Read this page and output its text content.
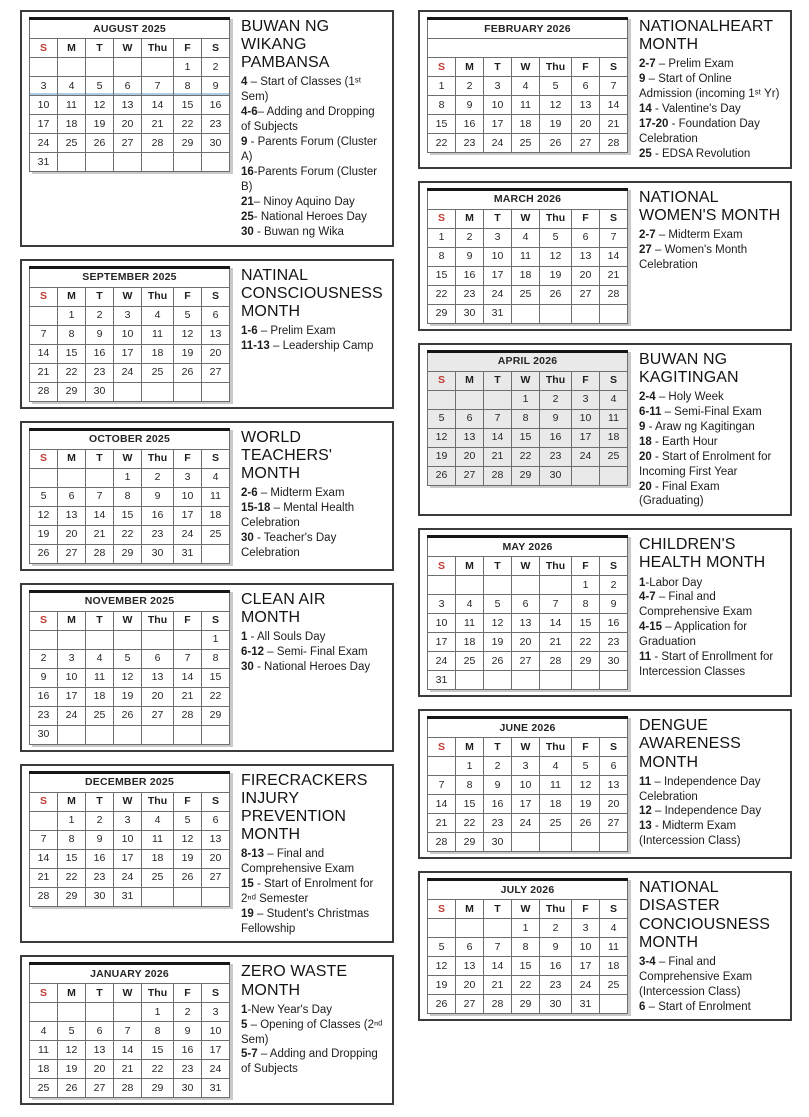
AUGUST 2025						
S	M	T	W	Thu	F	S
					1	2
3	4	5	6	7	8	9
10	11	12	13	14	15	16
17	18	19	20	21	22	23
24	25	26	27	28	29	30
31						
BUWAN NG WIKANG PAMBANSA
4 – Start of Classes (1ˢᵗ Sem)
4-6– Adding and Dropping of Subjects
9 - Parents Forum (Cluster A)
16-Parents Forum (Cluster B)
21– Ninoy Aquino Day
25- National Heroes Day
30 - Buwan ng Wika
SEPTEMBER 2025						
S	M	T	W	Thu	F	S
	1	2	3	4	5	6
7	8	9	10	11	12	13
14	15	16	17	18	19	20
21	22	23	24	25	26	27
28	29	30				
NATINAL CONSCIOUSNESS MONTH
1-6 – Prelim Exam
11-13 – Leadership Camp
OCTOBER 2025						
S	M	T	W	Thu	F	S
			1	2	3	4
5	6	7	8	9	10	11
12	13	14	15	16	17	18
19	20	21	22	23	24	25
26	27	28	29	30	31	
WORLD TEACHERS' MONTH
2-6 – Midterm Exam
15-18 – Mental Health Celebration
30 - Teacher's Day Celebration
NOVEMBER 2025						
S	M	T	W	Thu	F	S
						1
2	3	4	5	6	7	8
9	10	11	12	13	14	15
16	17	18	19	20	21	22
23	24	25	26	27	28	29
30						
CLEAN AIR MONTH
1 - All Souls Day
6-12 – Semi- Final Exam
30 - National Heroes Day
DECEMBER 2025						
S	M	T	W	Thu	F	S
	1	2	3	4	5	6
7	8	9	10	11	12	13
14	15	16	17	18	19	20
21	22	23	24	25	26	27
28	29	30	31			
FIRECRACKERS INJURY PREVENTION MONTH
8-13 – Final and Comprehensive Exam
15 - Start of Enrolment for 2ⁿᵈ Semester
19 – Student's Christmas Fellowship
JANUARY 2026						
S	M	T	W	Thu	F	S
				1	2	3
4	5	6	7	8	9	10
11	12	13	14	15	16	17
18	19	20	21	22	23	24
25	26	27	28	29	30	31
ZERO WASTE MONTH
1-New Year's Day
5 – Opening of Classes (2ⁿᵈ Sem)
5-7 – Adding and Dropping of Subjects
FEBRUARY 2026						

S	M	T	W	Thu	F	S
1	2	3	4	5	6	7
8	9	10	11	12	13	14
15	16	17	18	19	20	21
22	23	24	25	26	27	28
NATIONALHEART MONTH
2-7 – Prelim Exam
9 – Start of Online Admission (incoming 1ˢᵗ Yr)
14 - Valentine's Day
17-20 - Foundation Day Celebration
25 - EDSA Revolution
MARCH 2026						
S	M	T	W	Thu	F	S
1	2	3	4	5	6	7
8	9	10	11	12	13	14
15	16	17	18	19	20	21
22	23	24	25	26	27	28
29	30	31				
NATIONAL WOMEN'S MONTH
2-7 – Midterm Exam
27 – Women's Month Celebration
APRIL 2026						
S	M	T	W	Thu	F	S
			1	2	3	4
5	6	7	8	9	10	11
12	13	14	15	16	17	18
19	20	21	22	23	24	25
26	27	28	29	30		
BUWAN NG KAGITINGAN
2-4 – Holy Week
6-11 – Semi-Final Exam
9 - Araw ng Kagitingan
18 - Earth Hour
20 - Start of Enrolment for Incoming First Year
20 - Final Exam (Graduating)
MAY 2026						
S	M	T	W	Thu	F	S
					1	2
3	4	5	6	7	8	9
10	11	12	13	14	15	16
17	18	19	20	21	22	23
24	25	26	27	28	29	30
31						
CHILDREN'S HEALTH MONTH
1-Labor Day
4-7 – Final and Comprehensive Exam
4-15 – Application for Graduation
11 - Start of Enrollment for Intercession Classes
JUNE 2026						
S	M	T	W	Thu	F	S
	1	2	3	4	5	6
7	8	9	10	11	12	13
14	15	16	17	18	19	20
21	22	23	24	25	26	27
28	29	30				
DENGUE AWARENESS MONTH
11 – Independence Day Celebration
12 – Independence Day
13 - Midterm Exam (Intercession Class)
JULY 2026						
S	M	T	W	Thu	F	S
			1	2	3	4
5	6	7	8	9	10	11
12	13	14	15	16	17	18
19	20	21	22	23	24	25
26	27	28	29	30	31	
NATIONAL DISASTER CONCIOUSNESS MONTH
3-4 – Final and Comprehensive Exam (Intercession Class)
6 – Start of Enrolment
